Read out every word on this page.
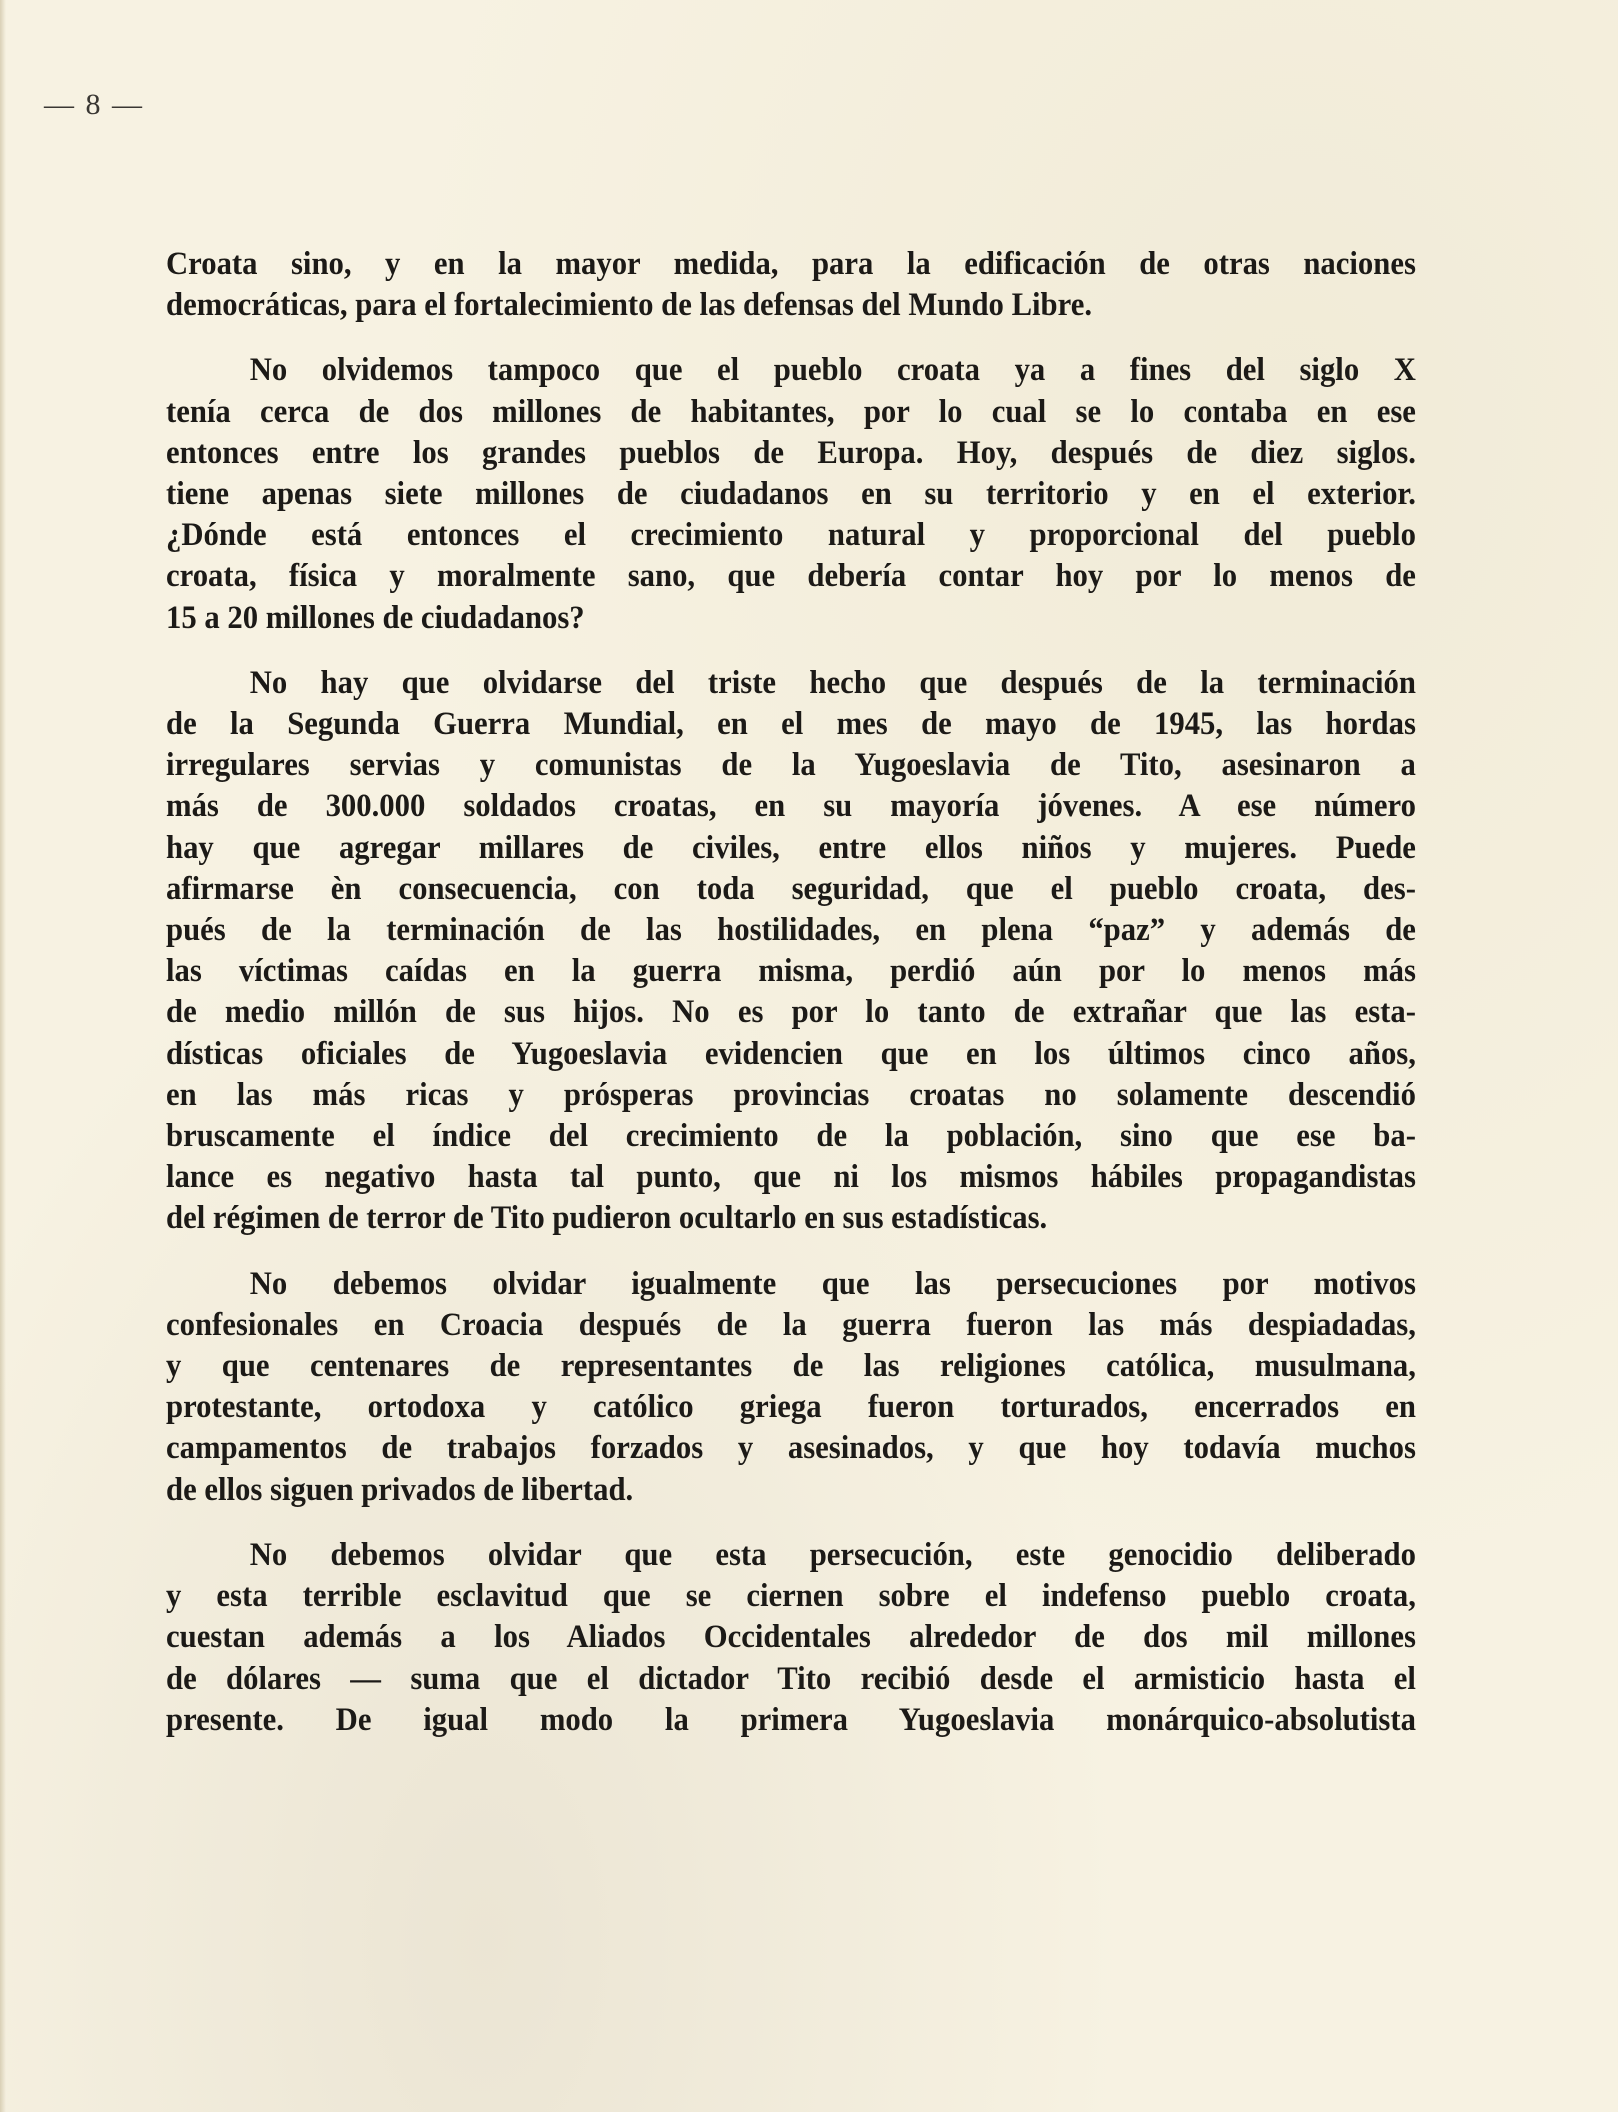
— 8 —

Croata sino, y en la mayor medida, para la edificación de otras naciones
democráticas, para el fortalecimiento de las defensas del Mundo Libre.

No olvidemos tampoco que el pueblo croata ya a fines del siglo X
tenía cerca de dos millones de habitantes, por lo cual se lo contaba en ese
entonces entre los grandes pueblos de Europa. Hoy, después de diez siglos.
tiene apenas siete millones de ciudadanos en su territorio y en el exterior.
¿Dónde está entonces el crecimiento natural y proporcional del pueblo
croata, física y moralmente sano, que debería contar hoy por lo menos de
15 a 20 millones de ciudadanos?

No hay que olvidarse del triste hecho que después de la terminación
de la Segunda Guerra Mundial, en el mes de mayo de 1945, las hordas
irregulares servias y comunistas de la Yugoeslavia de Tito, asesinaron a
más de 300.000 soldados croatas, en su mayoría jóvenes. A ese número
hay que agregar millares de civiles, entre ellos niños y mujeres. Puede
afirmarse èn consecuencia, con toda seguridad, que el pueblo croata, des-
pués de la terminación de las hostilidades, en plena “paz” y además de
las víctimas caídas en la guerra misma, perdió aún por lo menos más
de medio millón de sus hijos. No es por lo tanto de extrañar que las esta-
dísticas oficiales de Yugoeslavia evidencien que en los últimos cinco años,
en las más ricas y prósperas provincias croatas no solamente descendió
bruscamente el índice del crecimiento de la población, sino que ese ba-
lance es negativo hasta tal punto, que ni los mismos hábiles propagandistas
del régimen de terror de Tito pudieron ocultarlo en sus estadísticas.

No debemos olvidar igualmente que las persecuciones por motivos
confesionales en Croacia después de la guerra fueron las más despiadadas,
y que centenares de representantes de las religiones católica, musulmana,
protestante, ortodoxa y católico griega fueron torturados, encerrados en
campamentos de trabajos forzados y asesinados, y que hoy todavía muchos
de ellos siguen privados de libertad.

No debemos olvidar que esta persecución, este genocidio deliberado
y esta terrible esclavitud que se ciernen sobre el indefenso pueblo croata,
cuestan además a los Aliados Occidentales alrededor de dos mil millones
de dólares — suma que el dictador Tito recibió desde el armisticio hasta el
presente. De igual modo la primera Yugoeslavia monárquico-absolutista
